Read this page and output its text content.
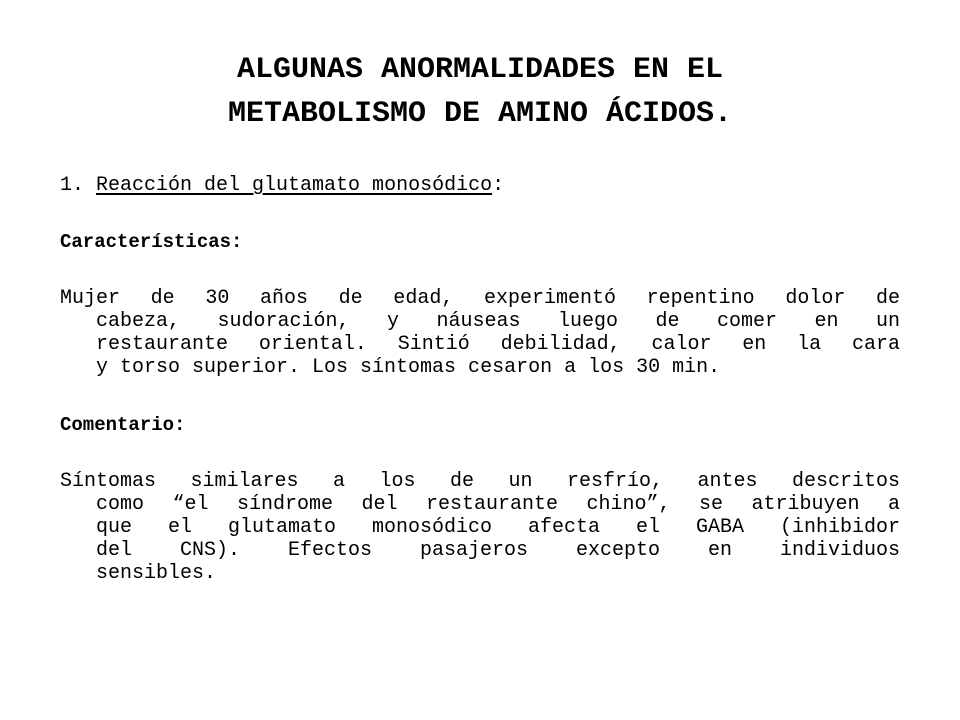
ALGUNAS ANORMALIDADES EN EL
METABOLISMO DE AMINO ÁCIDOS.
1. Reacción del glutamato monosódico:
Características:
Mujer de 30 años de edad, experimentó repentino dolor de
cabeza, sudoración, y náuseas luego de comer en un
restaurante oriental. Sintió debilidad, calor en la cara
y torso superior. Los síntomas cesaron a los 30 min.
Comentario:
Síntomas similares a los de un resfrío, antes descritos
como “el síndrome del restaurante chino”, se atribuyen a
que el glutamato monosódico afecta el GABA (inhibidor
del CNS). Efectos pasajeros excepto en individuos
sensibles.
